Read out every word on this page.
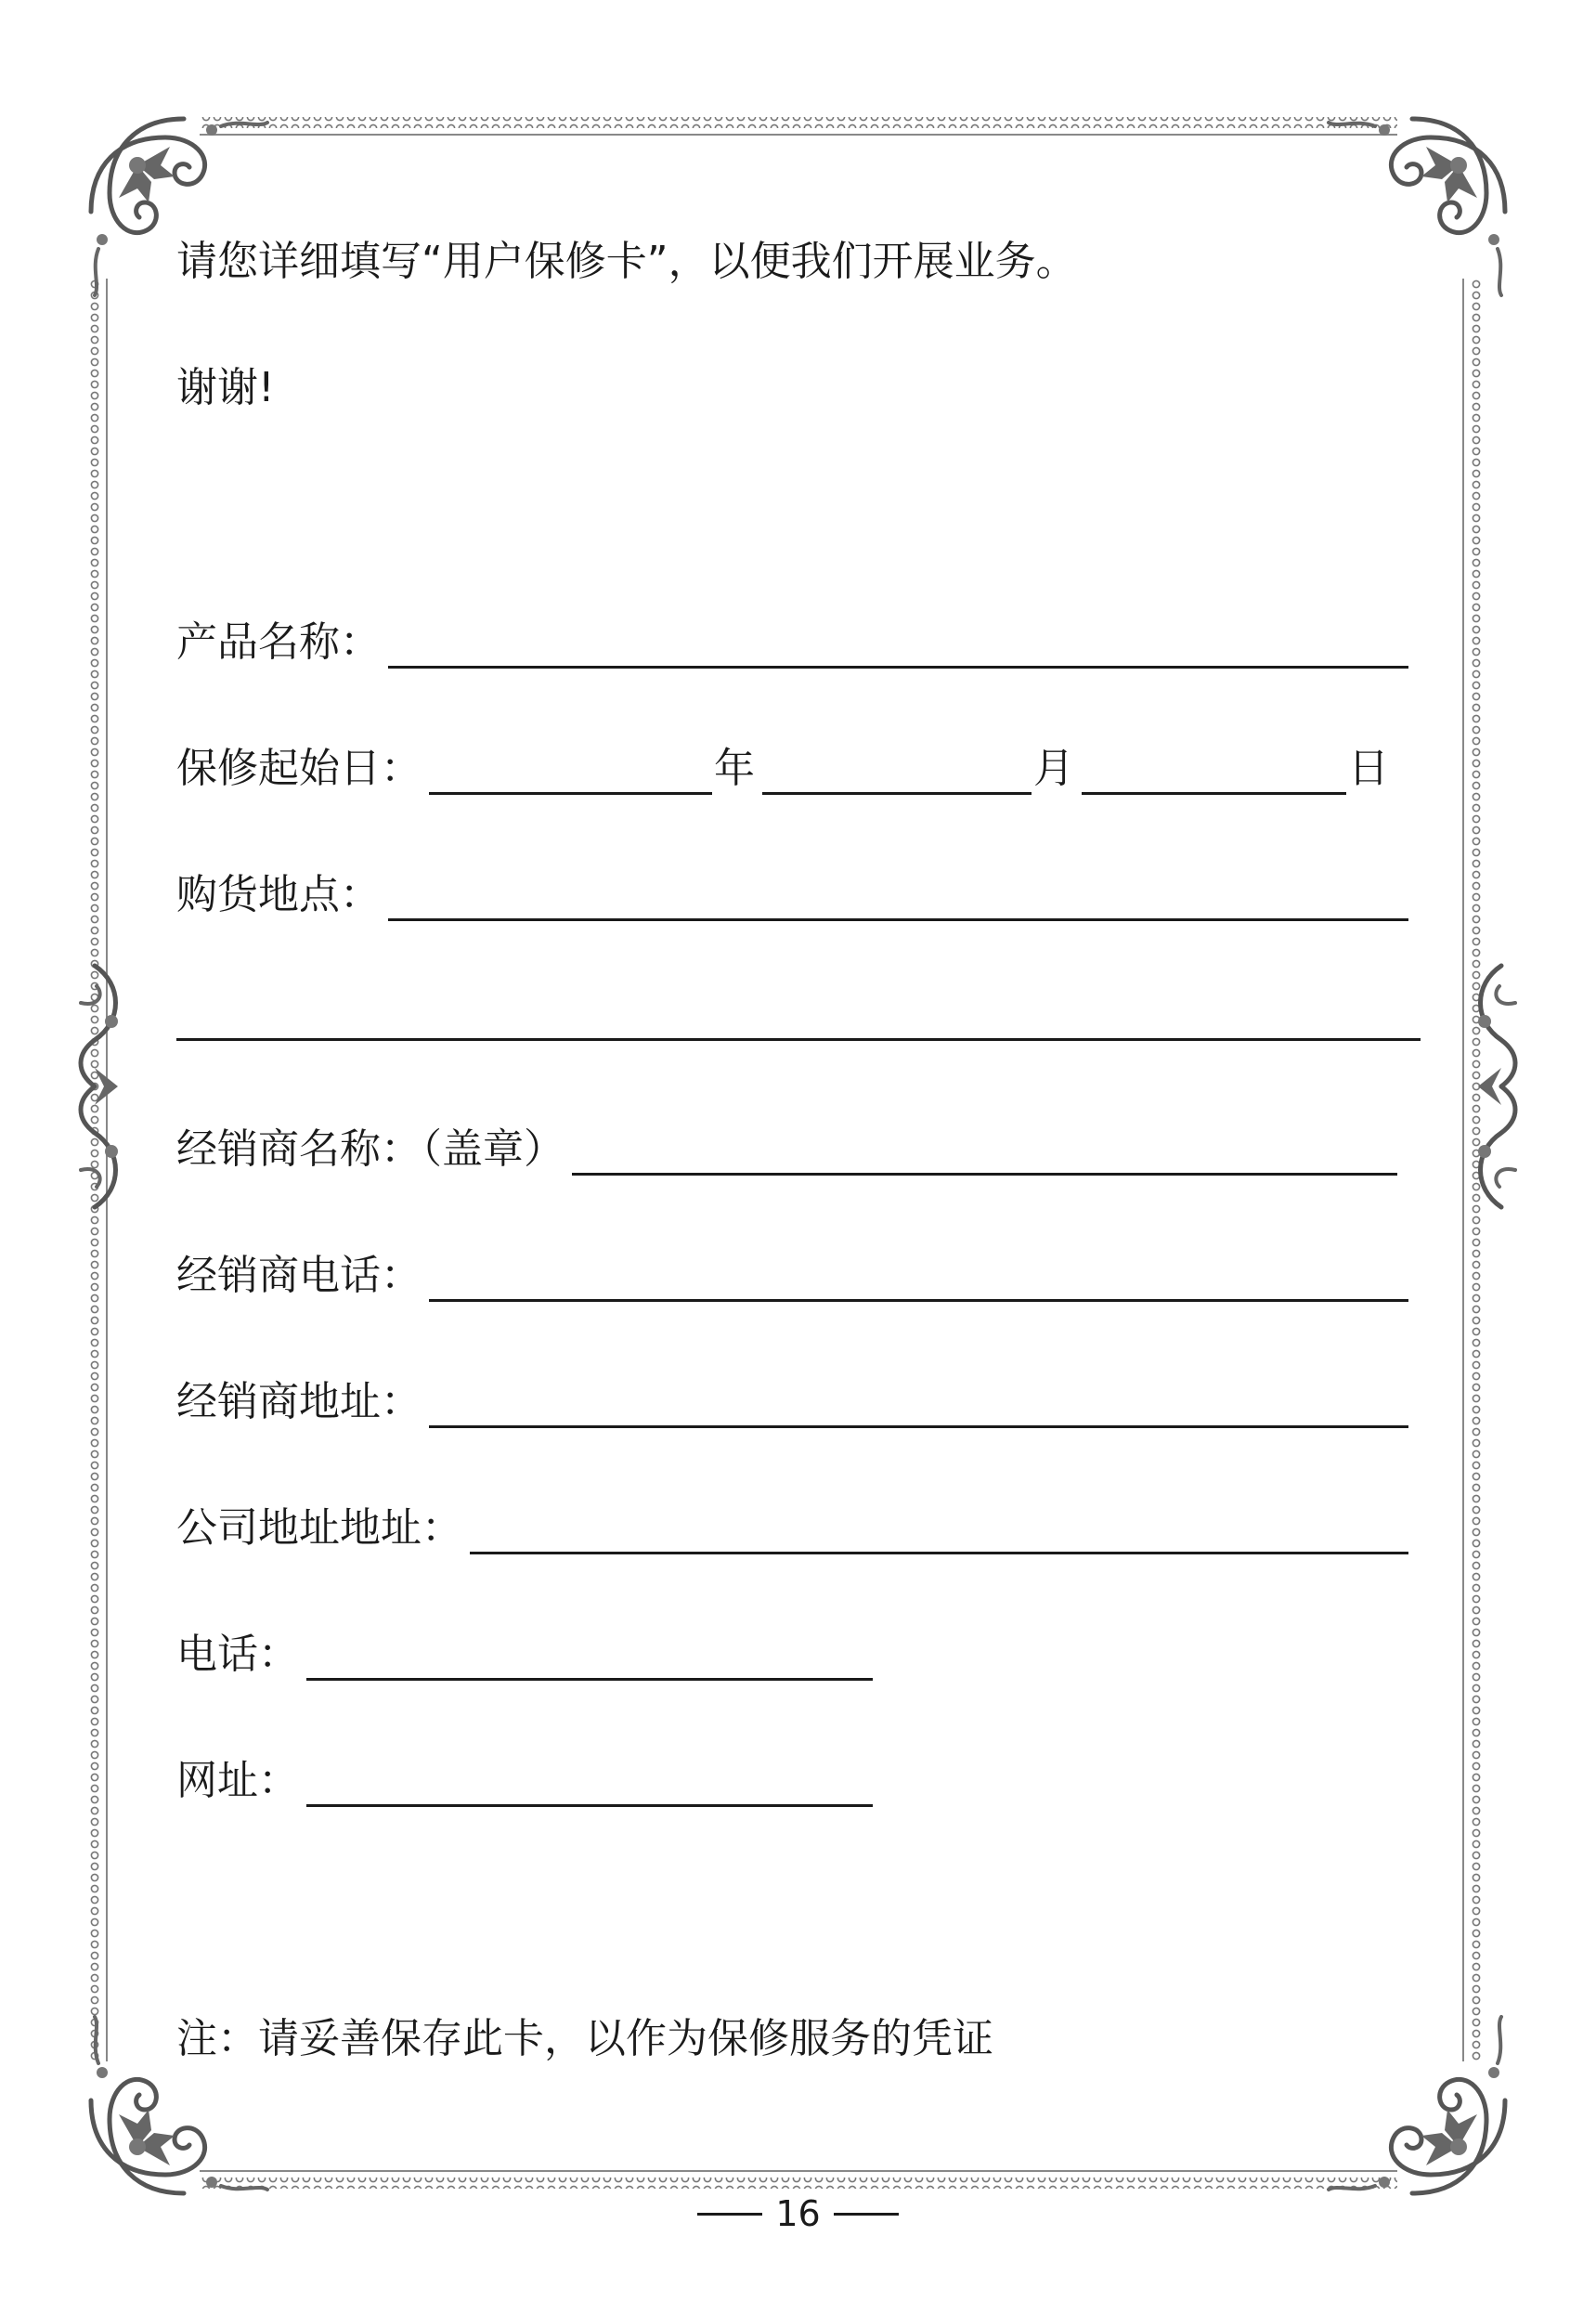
请您详细填写“用户保修卡”，以便我们开展业务。
谢谢!
产品名称：
保修起始日：	年	月	日
购货地点：
经销商名称：（盖章）
经销商电话：
经销商地址：
公司地址地址：
电话：
网址：
注：请妥善保存此卡，以作为保修服务的凭证
16
